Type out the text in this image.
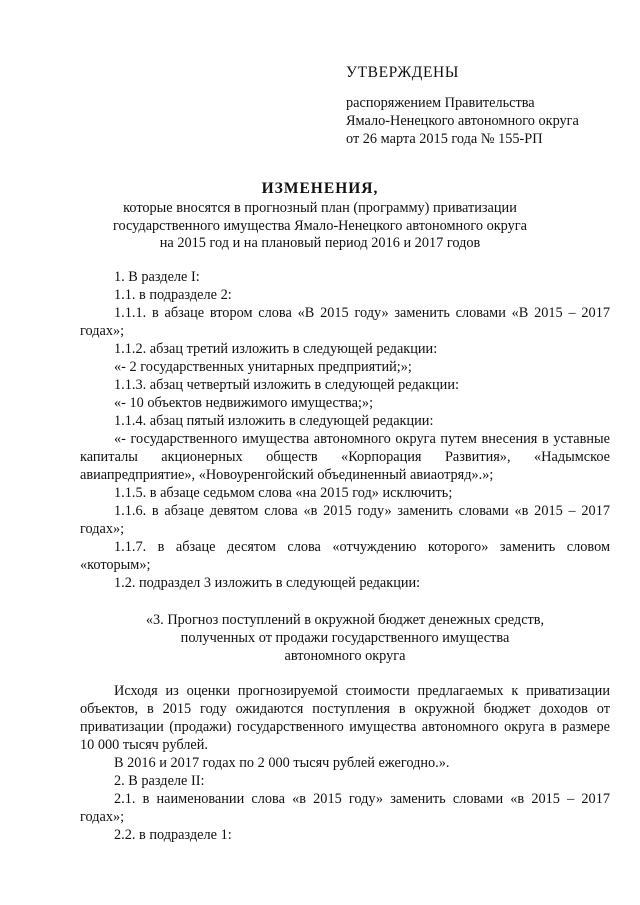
УТВЕРЖДЕНЫ
распоряжением Правительства
Ямало-Ненецкого автономного округа
от 26 марта 2015 года № 155-РП
ИЗМЕНЕНИЯ,
которые вносятся в прогнозный план (программу) приватизации
государственного имущества Ямало-Ненецкого автономного округа
на 2015 год и на плановый период 2016 и 2017 годов

1. В разделе I:

1.1. в подразделе 2:

1.1.1. в абзаце втором слова «В 2015 году» заменить словами «В 2015 – 2017 годах»;

1.1.2. абзац третий изложить в следующей редакции:

«- 2 государственных унитарных предприятий;»;

1.1.3. абзац четвертый изложить в следующей редакции:

«- 10 объектов недвижимого имущества;»;

1.1.4. абзац пятый изложить в следующей редакции:

«- государственного имущества автономного округа путем внесения в уставные капиталы акционерных обществ «Корпорация Развития», «Надымское авиапредприятие», «Новоуренгойский объединенный авиаотряд».»;

1.1.5. в абзаце седьмом слова «на 2015 год» исключить;

1.1.6. в абзаце девятом слова «в 2015 году» заменить словами «в 2015 – 2017 годах»;

1.1.7. в абзаце десятом слова «отчуждению которого» заменить словом «которым»;

1.2. подраздел 3 изложить в следующей редакции:

«3. Прогноз поступлений в окружной бюджет денежных средств,
полученных от продажи государственного имущества
автономного округа

Исходя из оценки прогнозируемой стоимости предлагаемых к приватизации объектов, в 2015 году ожидаются поступления в окружной бюджет доходов от приватизации (продажи) государственного имущества автономного округа в размере 10 000 тысяч рублей.

В 2016 и 2017 годах по 2 000 тысяч рублей ежегодно.».

2. В разделе II:

2.1. в наименовании слова «в 2015 году» заменить словами «в 2015 – 2017 годах»;

2.2. в подразделе 1:
